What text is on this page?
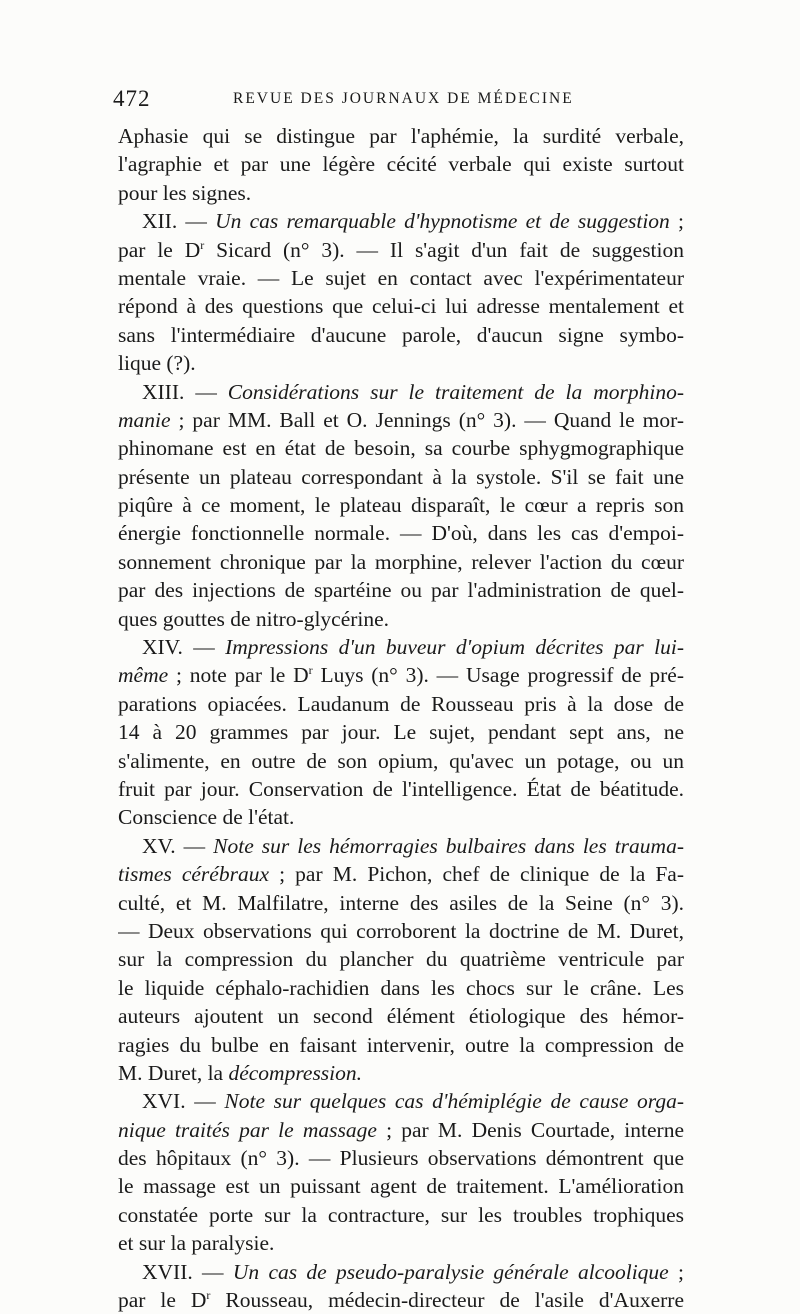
472	REVUE DES JOURNAUX DE MÉDECINE
Aphasie qui se distingue par l'aphémie, la surdité verbale,
l'agraphie et par une légère cécité verbale qui existe surtout
pour les signes.
XII. — Un cas remarquable d'hypnotisme et de suggestion ;
par le $D^r$ Sicard (n° 3). — Il s'agit d'un fait de suggestion
mentale vraie. — Le sujet en contact avec l'expérimentateur
répond à des questions que celui-ci lui adresse mentalement et
sans l'intermédiaire d'aucune parole, d'aucun signe symbo-
lique (?).
XIII. — Considérations sur le traitement de la morphino-
manie ; par MM. Ball et O. Jennings (n° 3). — Quand le mor-
phinomane est en état de besoin, sa courbe sphygmographique
présente un plateau correspondant à la systole. S'il se fait une
piqûre à ce moment, le plateau disparaît, le cœur a repris son
énergie fonctionnelle normale. — D'où, dans les cas d'empoi-
sonnement chronique par la morphine, relever l'action du cœur
par des injections de spartéine ou par l'administration de quel-
ques gouttes de nitro-glycérine.
XIV. — Impressions d'un buveur d'opium décrites par lui-
même ; note par le $D^r$ Luys (n° 3). — Usage progressif de pré-
parations opiacées. Laudanum de Rousseau pris à la dose de
14 à 20 grammes par jour. Le sujet, pendant sept ans, ne
s'alimente, en outre de son opium, qu'avec un potage, ou un
fruit par jour. Conservation de l'intelligence. État de béatitude.
Conscience de l'état.
XV. — Note sur les hémorragies bulbaires dans les trauma-
tismes cérébraux ; par M. Pichon, chef de clinique de la Fa-
culté, et M. Malfilatre, interne des asiles de la Seine (n° 3).
— Deux observations qui corroborent la doctrine de M. Duret,
sur la compression du plancher du quatrième ventricule par
le liquide céphalo-rachidien dans les chocs sur le crâne. Les
auteurs ajoutent un second élément étiologique des hémor-
ragies du bulbe en faisant intervenir, outre la compression de
M. Duret, la décompression.
XVI. — Note sur quelques cas d'hémiplégie de cause orga-
nique traités par le massage ; par M. Denis Courtade, interne
des hôpitaux (n° 3). — Plusieurs observations démontrent que
le massage est un puissant agent de traitement. L'amélioration
constatée porte sur la contracture, sur les troubles trophiques
et sur la paralysie.
XVII. — Un cas de pseudo-paralysie générale alcoolique ;
par le $D^r$ Rousseau, médecin-directeur de l'asile d'Auxerre
